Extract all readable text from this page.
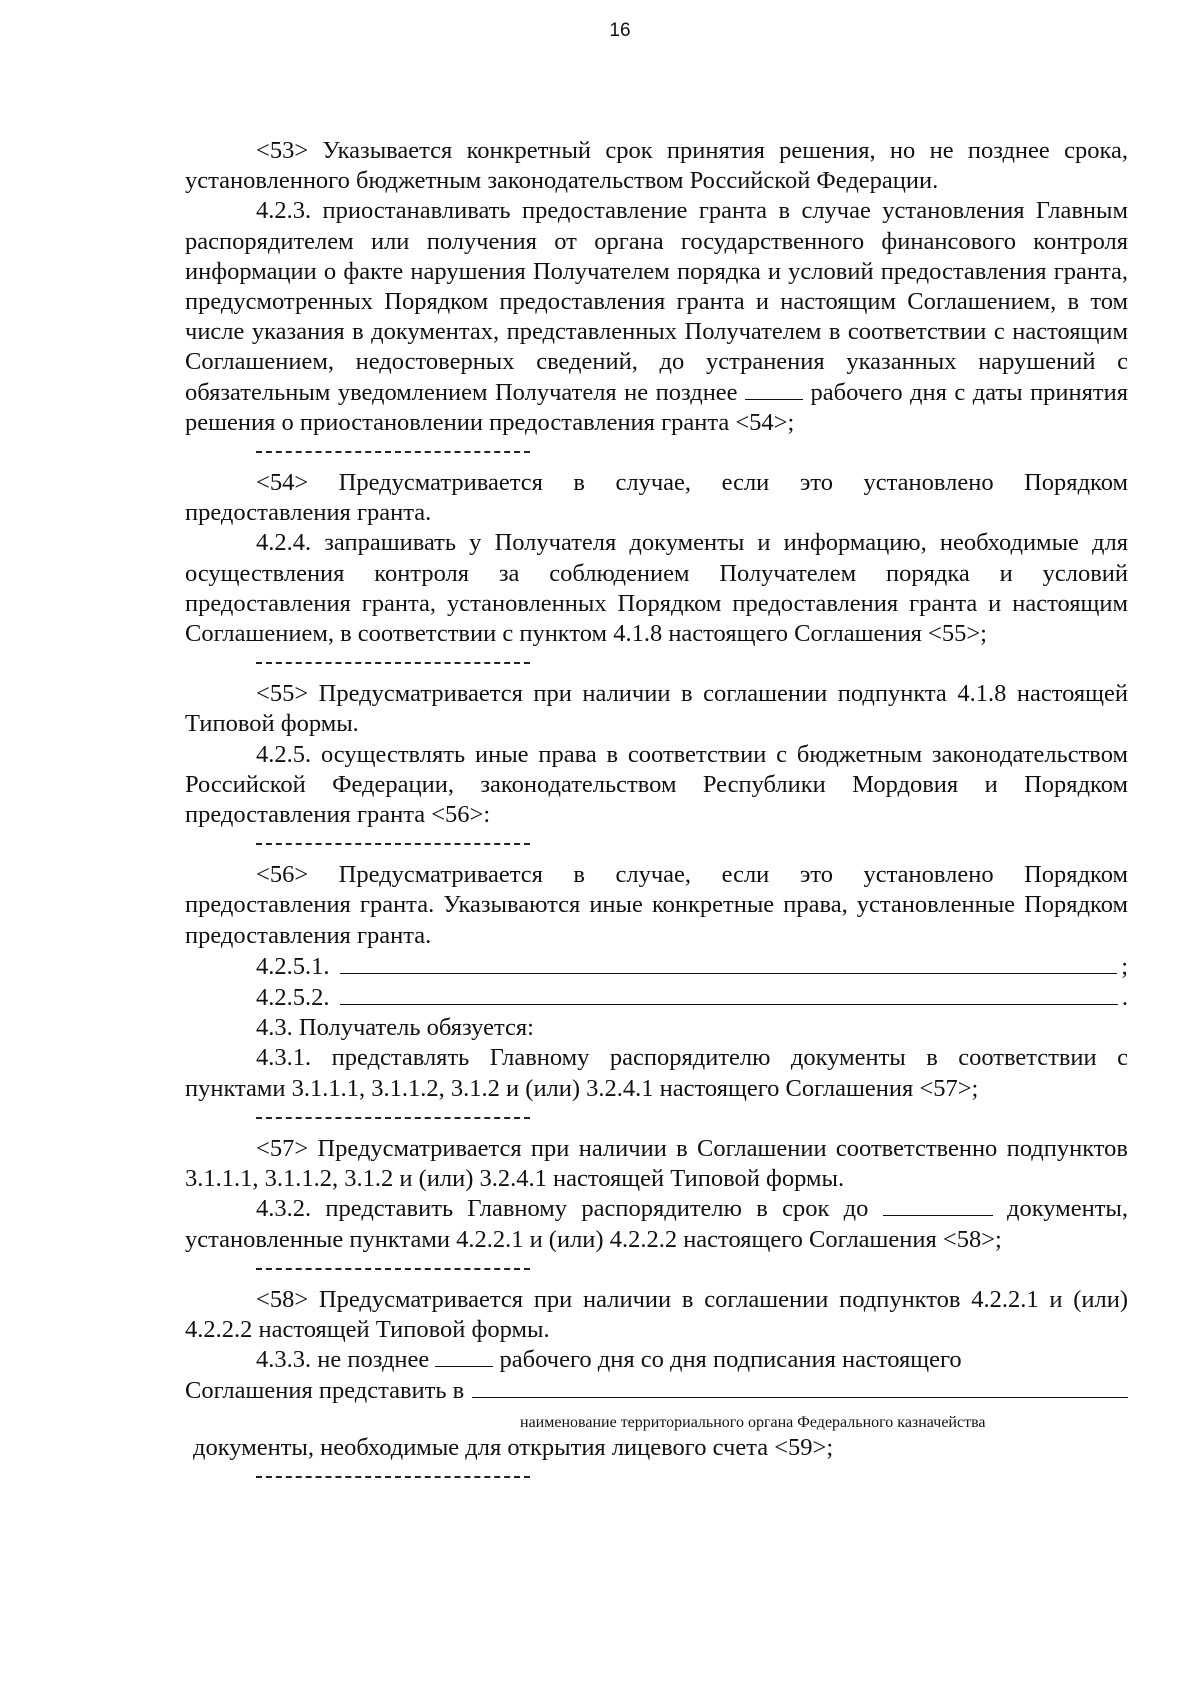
16

<53> Указывается конкретный срок принятия решения, но не позднее срока, установленного бюджетным законодательством Российской Федерации.

4.2.3. приостанавливать предоставление гранта в случае установления Главным распорядителем или получения от органа государственного финансового контроля информации о факте нарушения Получателем порядка и условий предоставления гранта, предусмотренных Порядком предоставления гранта и настоящим Соглашением, в том числе указания в документах, представленных Получателем в соответствии с настоящим Соглашением, недостоверных сведений, до устранения указанных нарушений с обязательным уведомлением Получателя не позднее  рабочего дня с даты принятия решения о приостановлении предоставления гранта <54>;

<54> Предусматривается в случае, если это установлено Порядком предоставления гранта.

4.2.4. запрашивать у Получателя документы и информацию, необходимые для осуществления контроля за соблюдением Получателем порядка и условий предоставления гранта, установленных Порядком предоставления гранта и настоящим Соглашением, в соответствии с пунктом 4.1.8 настоящего Соглашения <55>;

<55> Предусматривается при наличии в соглашении подпункта 4.1.8 настоящей Типовой формы.

4.2.5. осуществлять иные права в соответствии с бюджетным законодательством Российской Федерации, законодательством Республики Мордовия и Порядком предоставления гранта <56>:

<56> Предусматривается в случае, если это установлено Порядком предоставления гранта. Указываются иные конкретные права, установленные Порядком предоставления гранта.

4.2.5.1.	;
4.2.5.2.	.

4.3. Получатель обязуется:

4.3.1. представлять Главному распорядителю документы в соответствии с пунктами 3.1.1.1, 3.1.1.2, 3.1.2 и (или) 3.2.4.1 настоящего Соглашения <57>;

<57> Предусматривается при наличии в Соглашении соответственно подпунктов 3.1.1.1, 3.1.1.2, 3.1.2 и (или) 3.2.4.1 настоящей Типовой формы.

4.3.2. представить Главному распорядителю в срок до	документы, установленные пунктами 4.2.2.1 и (или) 4.2.2.2 настоящего Соглашения <58>;

<58> Предусматривается при наличии в соглашении подпунктов 4.2.2.1 и (или) 4.2.2.2 настоящей Типовой формы.

4.3.3. не позднее  рабочего дня со дня подписания настоящего

Соглашения представить в
наименование территориального органа Федерального казначейства

документы, необходимые для открытия лицевого счета <59>;
